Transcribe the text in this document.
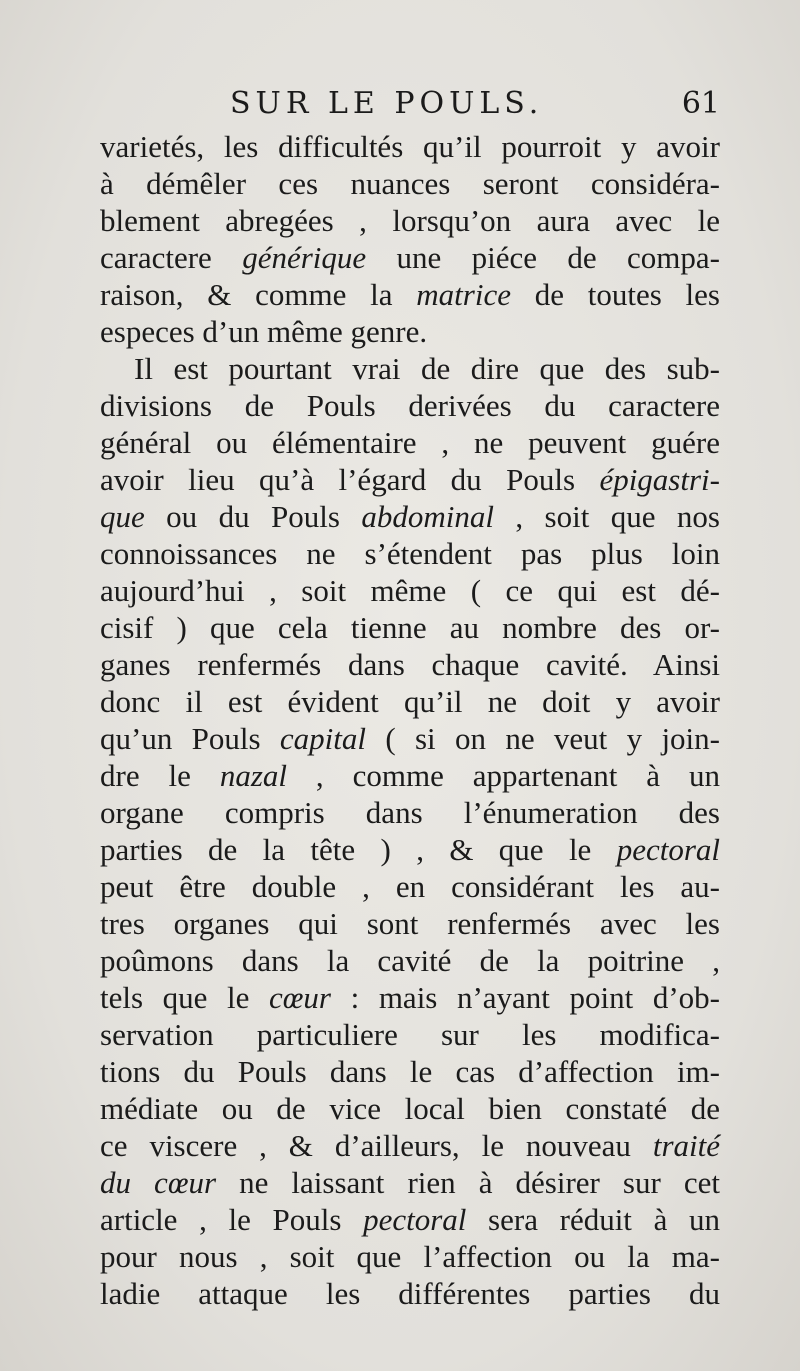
SUR LE POULS.	61
varietés, les difficultés qu’il pourroit y avoir
à démêler ces nuances seront considéra-
blement abregées , lorsqu’on aura avec le
caractere générique une piéce de compa-
raison, & comme la matrice de toutes les
especes d’un même genre.
Il est pourtant vrai de dire que des sub-
divisions de Pouls derivées du caractere
général ou élémentaire , ne peuvent guére
avoir lieu qu’à l’égard du Pouls épigastri-
que ou du Pouls abdominal , soit que nos
connoissances ne s’étendent pas plus loin
aujourd’hui , soit même ( ce qui est dé-
cisif ) que cela tienne au nombre des or-
ganes renfermés dans chaque cavité. Ainsi
donc il est évident qu’il ne doit y avoir
qu’un Pouls capital ( si on ne veut y join-
dre le nazal , comme appartenant à un
organe compris dans l’énumeration des
parties de la tête ) , & que le pectoral
peut être double , en considérant les au-
tres organes qui sont renfermés avec les
poûmons dans la cavité de la poitrine ,
tels que le cœur : mais n’ayant point d’ob-
servation particuliere sur les modifica-
tions du Pouls dans le cas d’affection im-
médiate ou de vice local bien constaté de
ce viscere , & d’ailleurs, le nouveau traité
du cœur ne laissant rien à désirer sur cet
article , le Pouls pectoral sera réduit à un
pour nous , soit que l’affection ou la ma-
ladie attaque les différentes parties du
